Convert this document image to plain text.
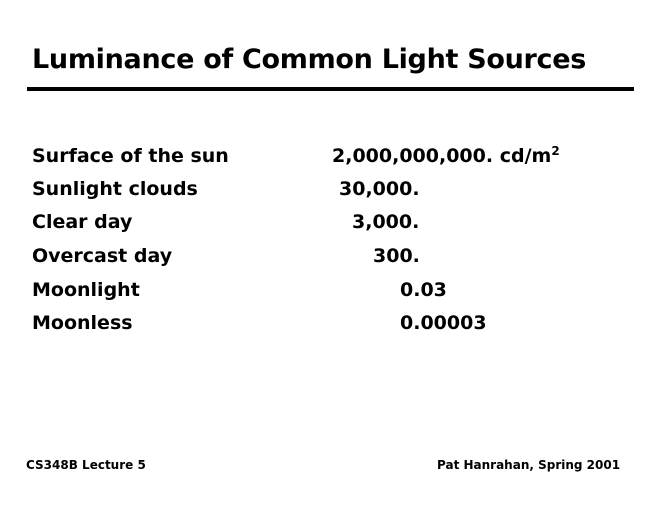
Luminance of Common Light Sources
Surface of the sun	2,000,000,000. $cd/m^2$
Sunlight clouds	30,000.
Clear day	3,000.
Overcast day	300.
Moonlight	0.03
Moonless	0.00003
CS348B Lecture 5	Pat Hanrahan, Spring 2001
